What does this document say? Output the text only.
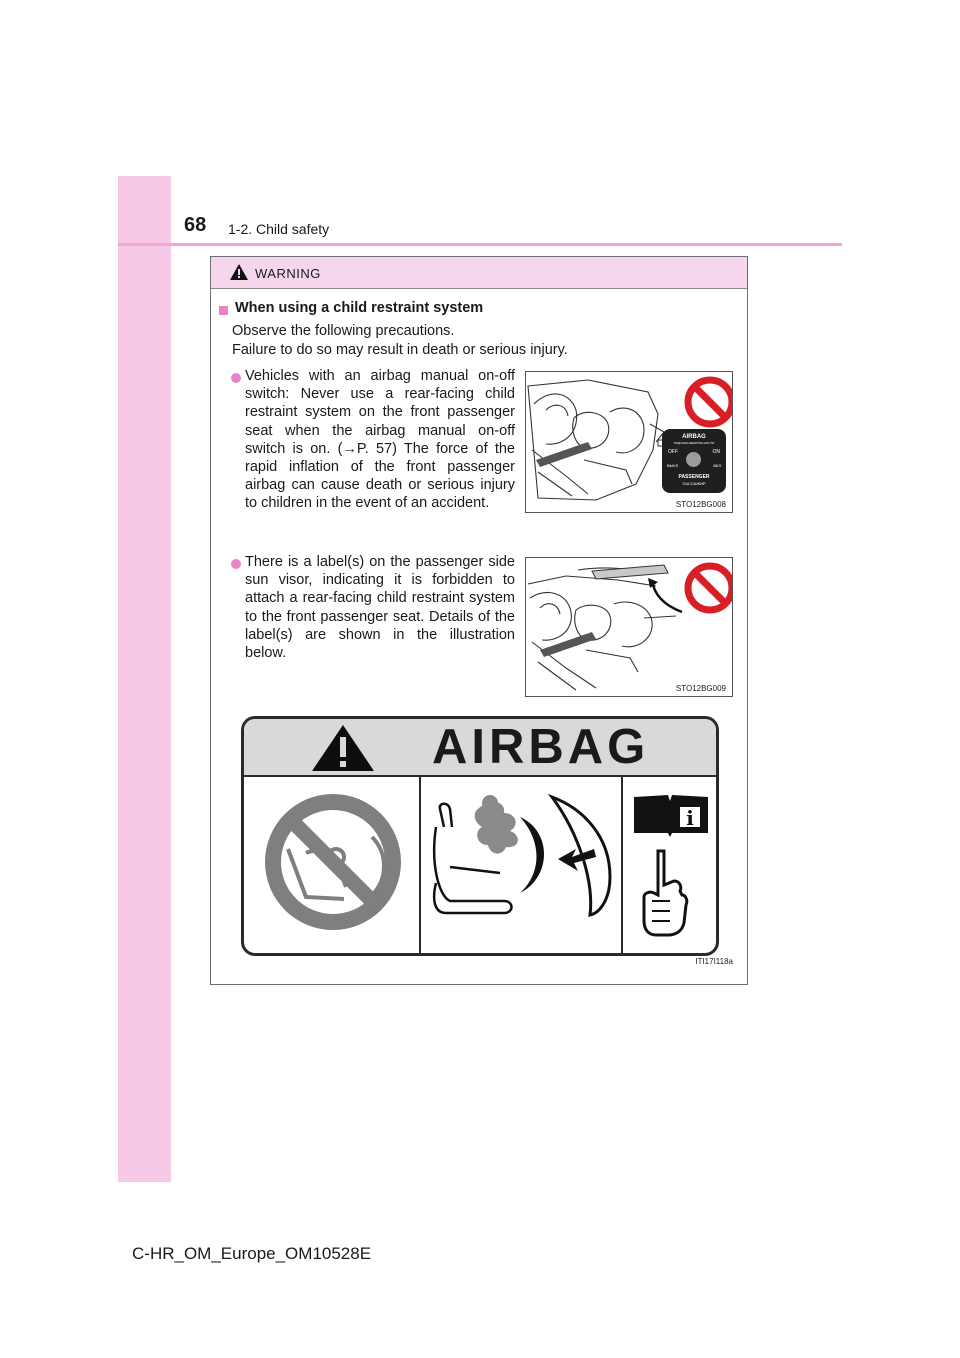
68 1-2. Child safety
WARNING
When using a child restraint system
Observe the following precautions.
Failure to do so may result in death or serious injury.
Vehicles with an airbag manual on-off switch: Never use a rear-facing child restraint system on the front passenger seat when the airbag manual on-off switch is on. (→P. 57) The force of the rapid inflation of the front passenger airbag can cause death or serious injury to children in the event of an accident.
There is a label(s) on the passenger side sun visor, indicating it is forbidden to attach a rear-facing child restraint system to the front passenger seat. Details of the label(s) are shown in the illustration below.
AIRBAG
ПОДУШКА БЕЗОПАСНОСТИ
OFF	ON
ВЫКЛ	ВКЛ
PASSENGER
ПАССАЖИР
STO12BG008
STO12BG009
AIRBAG
i
ITI17I118a
C-HR_OM_Europe_OM10528E
